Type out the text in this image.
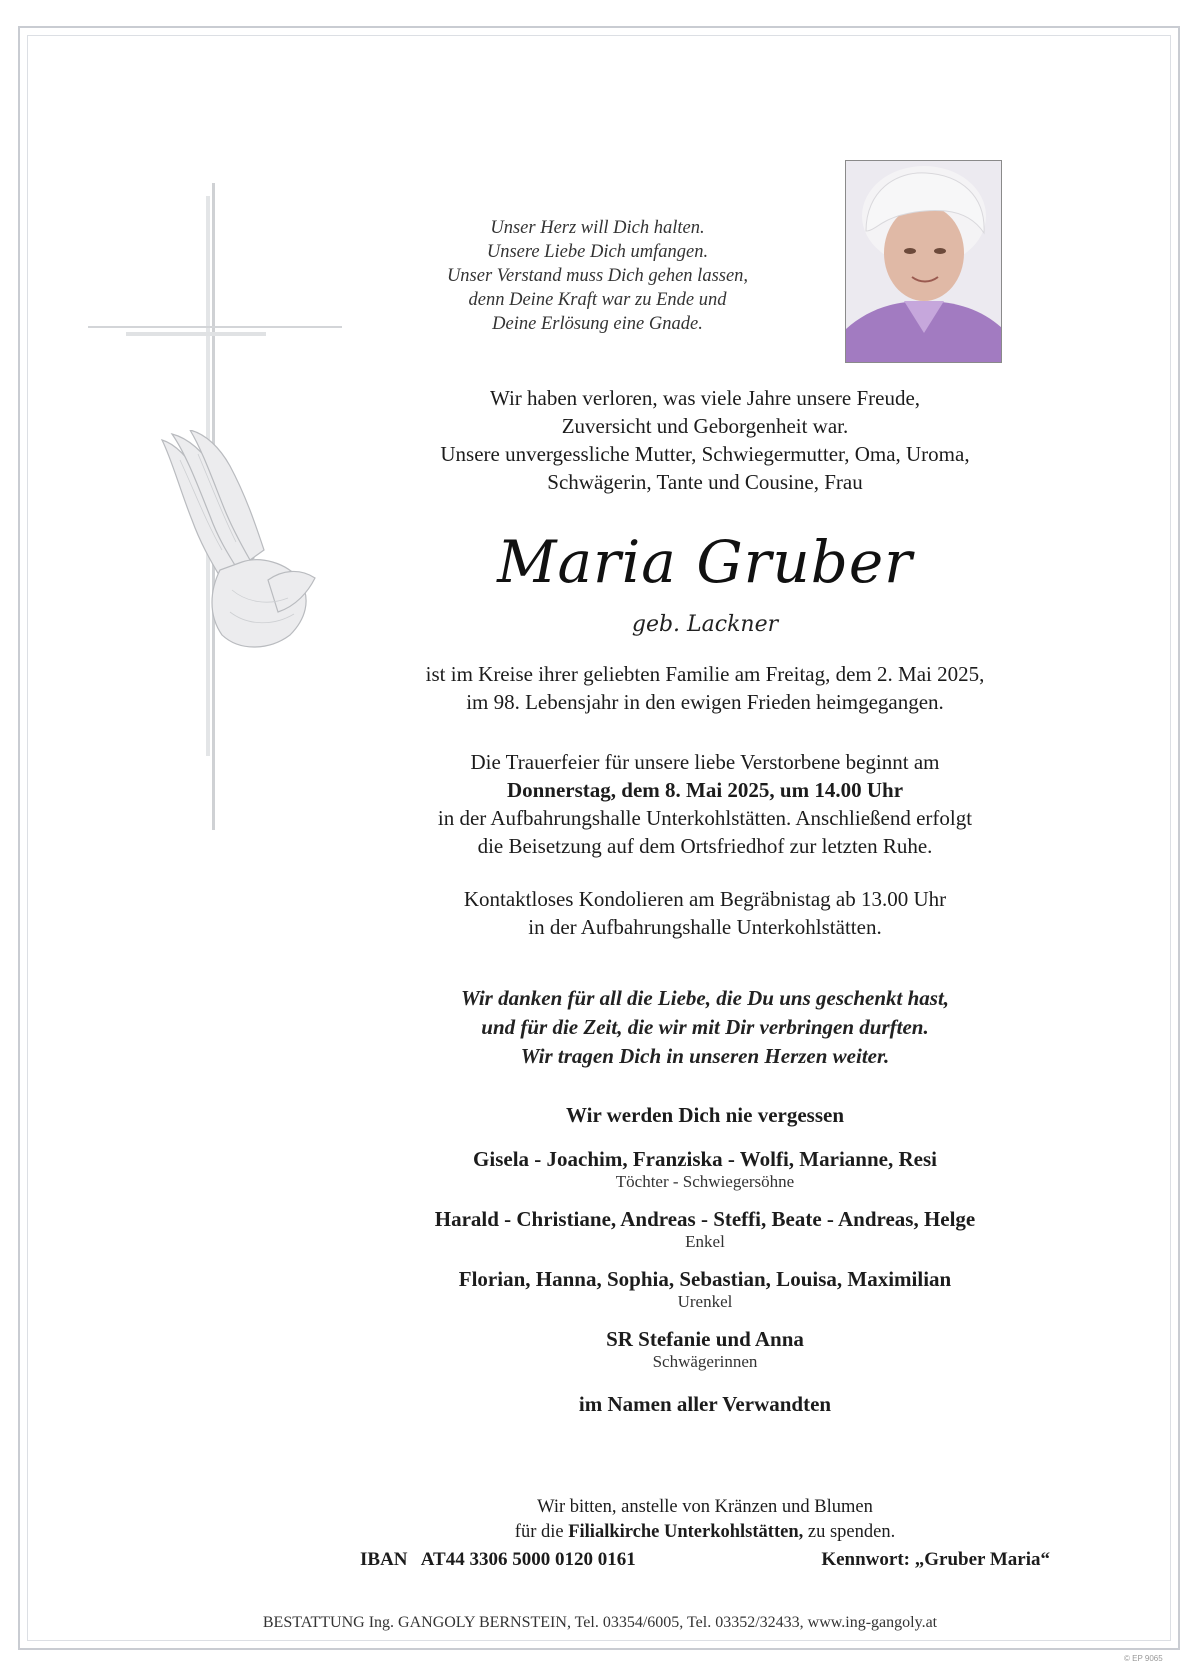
Unser Herz will Dich halten.
Unsere Liebe Dich umfangen.
Unser Verstand muss Dich gehen lassen,
denn Deine Kraft war zu Ende und
Deine Erlösung eine Gnade.
Wir haben verloren, was viele Jahre unsere Freude,
Zuversicht und Geborgenheit war.
Unsere unvergessliche Mutter, Schwiegermutter, Oma, Uroma,
Schwägerin, Tante und Cousine, Frau
Maria Gruber
geb. Lackner
ist im Kreise ihrer geliebten Familie am Freitag, dem 2. Mai 2025,
im 98. Lebensjahr in den ewigen Frieden heimgegangen.
Die Trauerfeier für unsere liebe Verstorbene beginnt am
Donnerstag, dem 8. Mai 2025, um 14.00 Uhr
in der Aufbahrungshalle Unterkohlstätten. Anschließend erfolgt
die Beisetzung auf dem Ortsfriedhof zur letzten Ruhe.
Kontaktloses Kondolieren am Begräbnistag ab 13.00 Uhr
in der Aufbahrungshalle Unterkohlstätten.
Wir danken für all die Liebe, die Du uns geschenkt hast,
und für die Zeit, die wir mit Dir verbringen durften.
Wir tragen Dich in unseren Herzen weiter.
Wir werden Dich nie vergessen
Gisela - Joachim, Franziska - Wolfi, Marianne, Resi
Töchter - Schwiegersöhne
Harald - Christiane, Andreas - Steffi, Beate - Andreas, Helge
Enkel
Florian, Hanna, Sophia, Sebastian, Louisa, Maximilian
Urenkel
SR Stefanie und Anna
Schwägerinnen
im Namen aller Verwandten
Wir bitten, anstelle von Kränzen und Blumen
für die Filialkirche Unterkohlstätten, zu spenden.
IBAN   AT44 3306 5000 0120 0161	Kennwort: „Gruber Maria“
BESTATTUNG Ing. GANGOLY BERNSTEIN, Tel. 03354/6005, Tel. 03352/32433, www.ing-gangoly.at
© EP 9065
